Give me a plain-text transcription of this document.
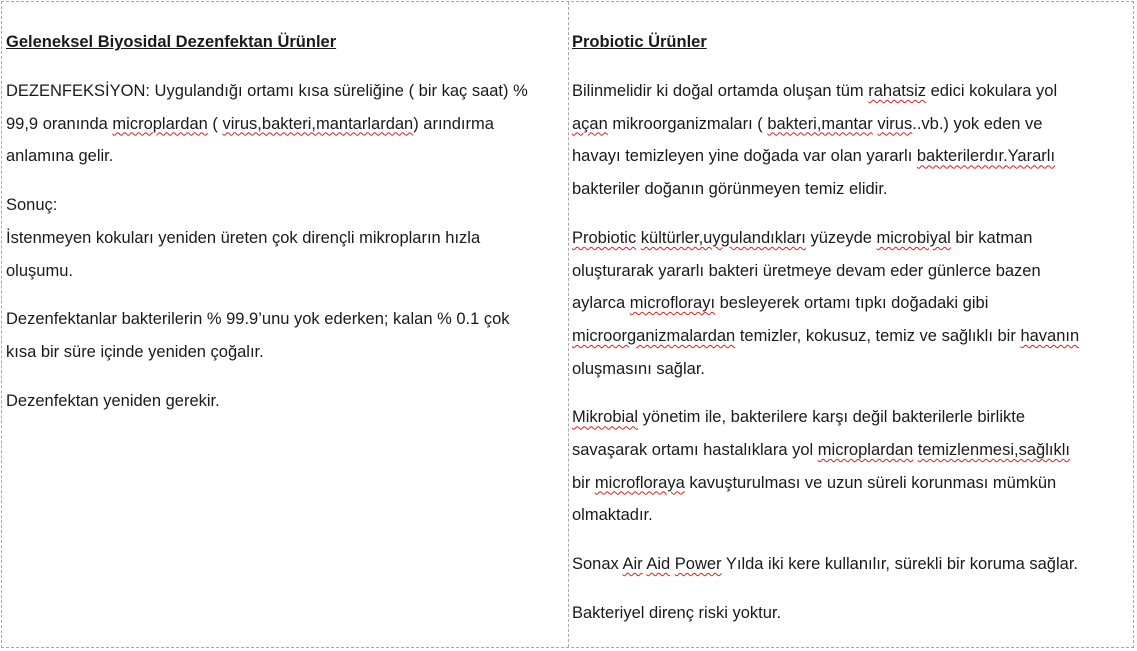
Geleneksel Biyosidal Dezenfektan Ürünler
DEZENFEKSİYON: Uygulandığı ortamı kısa süreliğine ( bir kaç saat) %
99,9 oranında microplardan ( virus,bakteri,mantarlardan) arındırma
anlamına gelir.
Sonuç:
İstenmeyen kokuları yeniden üreten çok dirençli mikropların hızla
oluşumu.
Dezenfektanlar bakterilerin % 99.9’unu yok ederken; kalan % 0.1 çok
kısa bir süre içinde yeniden çoğalır.
Dezenfektan yeniden gerekir.
Probiotic Ürünler
Bilinmelidir ki doğal ortamda oluşan tüm rahatsiz edici kokulara yol
açan mikroorganizmaları ( bakteri,mantar virus..vb.) yok eden ve
havayı temizleyen yine doğada var olan yararlı bakterilerdır.Yararlı
bakteriler doğanın görünmeyen temiz elidir.
Probiotic kültürler,uygulandıkları yüzeyde microbiyal bir katman
oluşturarak yararlı bakteri üretmeye devam eder günlerce bazen
aylarca microflorayı besleyerek ortamı tıpkı doğadaki gibi
microorganizmalardan temizler, kokusuz, temiz ve sağlıklı bir havanın
oluşmasını sağlar.
Mikrobial yönetim ile, bakterilere karşı değil bakterilerle birlikte
savaşarak ortamı hastalıklara yol microplardan temizlenmesi,sağlıklı
bir microfloraya kavuşturulması ve uzun süreli korunması mümkün
olmaktadır.
Sonax Air Aid Power Yılda iki kere kullanılır, sürekli bir koruma sağlar.
Bakteriyel direnç riski yoktur.
